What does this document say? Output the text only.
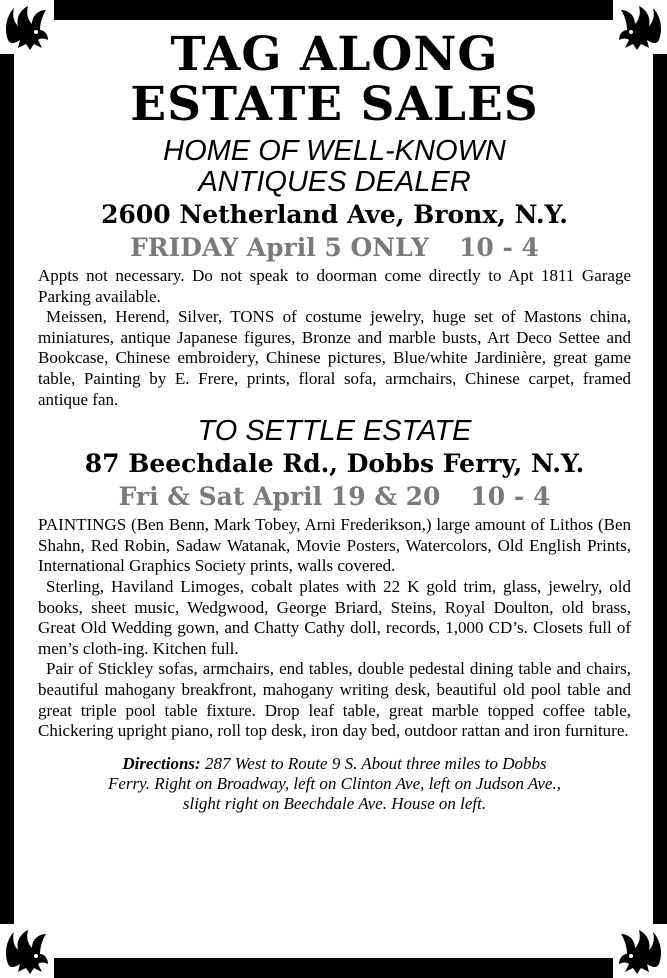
TAG ALONG
ESTATE SALES
HOME OF WELL-KNOWN
ANTIQUES DEALER
2600 Netherland Ave, Bronx, N.Y.
FRIDAY April 5 ONLY 10 - 4

Appts not necessary. Do not speak to doorman come directly to Apt 1811 Garage Parking available.

Meissen, Herend, Silver, TONS of costume jewelry, huge set of Mastons china, miniatures, antique Japanese figures, Bronze and marble busts, Art Deco Settee and Bookcase, Chinese embroidery, Chinese pictures, Blue/white Jardinière, great game table, Painting by E. Frere, prints, floral sofa, armchairs, Chinese carpet, framed antique fan.

TO SETTLE ESTATE
87 Beechdale Rd., Dobbs Ferry, N.Y.
Fri & Sat April 19 & 20 10 - 4

PAINTINGS (Ben Benn, Mark Tobey, Arni Frederikson,) large amount of Lithos (Ben Shahn, Red Robin, Sadaw Watanak, Movie Posters, Watercolors, Old English Prints, International Graphics Society prints, walls covered.

Sterling, Haviland Limoges, cobalt plates with 22 K gold trim, glass, jewelry, old books, sheet music, Wedgwood, George Briard, Steins, Royal Doulton, old brass, Great Old Wedding gown, and Chatty Cathy doll, records, 1,000 CD’s. Closets full of men’s cloth-ing. Kitchen full.

Pair of Stickley sofas, armchairs, end tables, double pedestal dining table and chairs, beautiful mahogany breakfront, mahogany writing desk, beautiful old pool table and great triple pool table fixture. Drop leaf table, great marble topped coffee table, Chickering upright piano, roll top desk, iron day bed, outdoor rattan and iron furniture.

Directions: 287 West to Route 9 S. About three miles to Dobbs
Ferry. Right on Broadway, left on Clinton Ave, left on Judson Ave.,
slight right on Beechdale Ave. House on left.
